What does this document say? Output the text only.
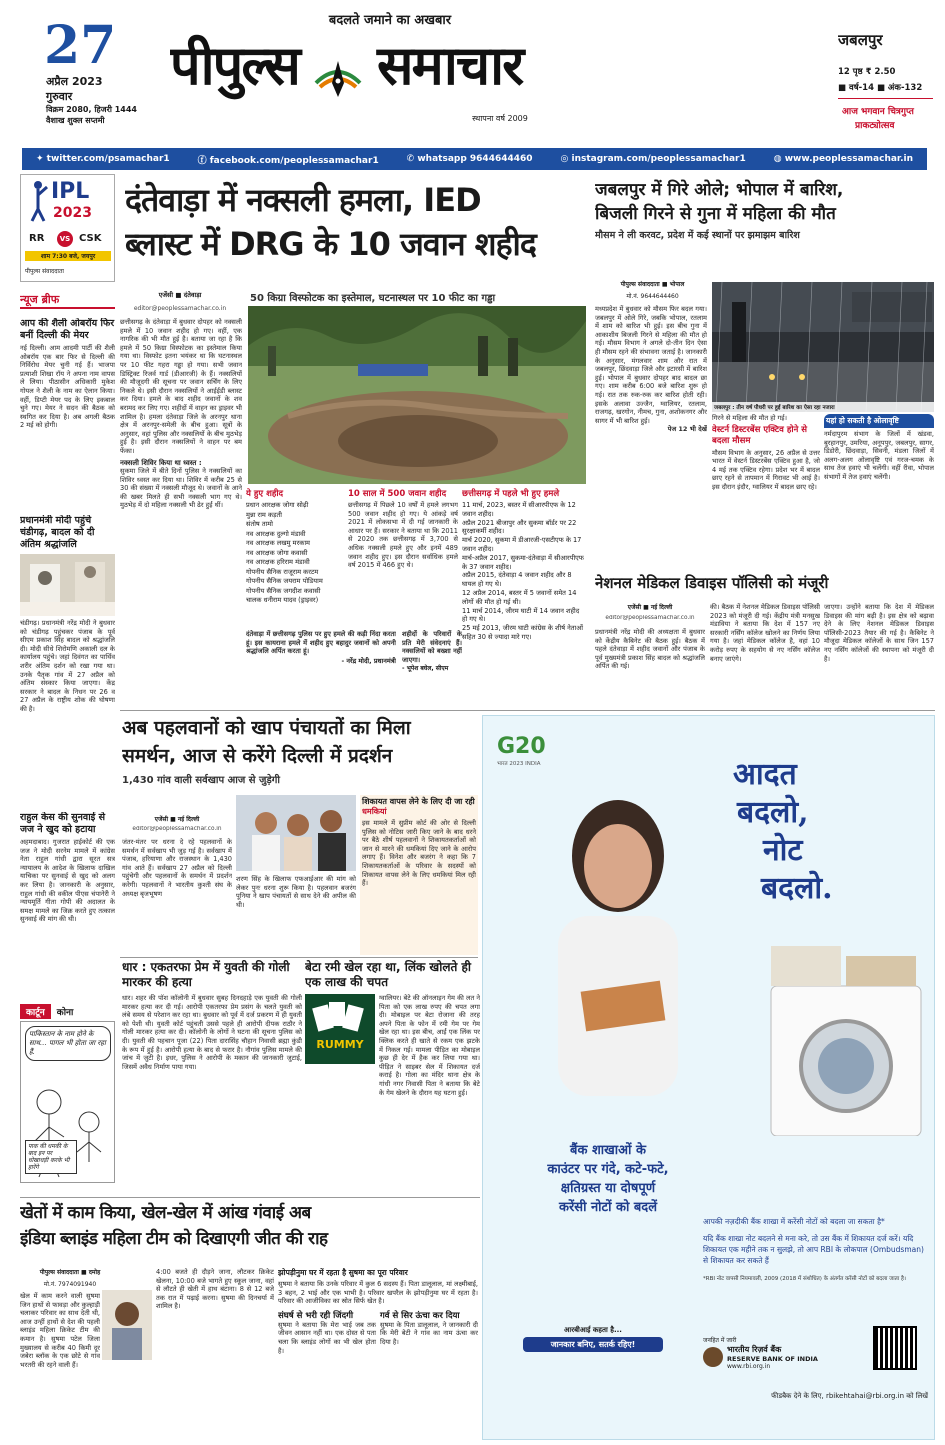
27
अप्रैल 2023
गुरुवार
विक्रम 2080, हिजरी 1444
वैशाख शुक्ल सप्तमी
बदलते जमाने का अखबार
पीपुल्स समाचार
स्थापना वर्ष 2009
जबलपुर
12 पृष्ठ ₹ 2.50
■ वर्ष-14 ■ अंक-132
आज भगवान चित्रगुप्त
प्राकट्योत्सव
✦ twitter.com/psamachar1	ⓕ facebook.com/peoplessamachar1	✆ whatsapp 9644644460	◎ instagram.com/peoplessamachar1	◍ www.peoplessamachar.in
IPL
2023
RR	VS CSK
शाम 7:30 बजे, जयपुर
पीपुल्स संवाददाता
दंतेवाड़ा में नक्सली हमला, IED
ब्लास्ट में DRG के 10 जवान शहीद
एजेंसी ■ दंतेवाड़ा
editor@peoplessamachar.co.in
50 किग्रा विस्फोटक का इस्तेमाल, घटनास्थल पर 10 फीट का गड्ढा
छत्तीसगढ़ के दंतेवाड़ा में बुधवार दोपहर को नक्सली हमले में 10 जवान शहीद हो गए। वहीं, एक नागरिक की भी मौत हुई है। बताया जा रहा है कि हमले में 50 किग्रा विस्फोटक का इस्तेमाल किया गया था। विस्फोट इतना भयंकर था कि घटनास्थल पर 10 फीट गहरा गड्ढा हो गया। सभी जवान डिस्ट्रिक्ट रिजर्व गार्ड (डीआरजी) के हैं। नक्सलियों की मौजूदगी की सूचना पर जवान सर्चिंग के लिए निकले थे। इसी दौरान नक्सलियों ने आईईडी ब्लास्ट कर दिया। हमले के बाद शहीद जवानों के शव बरामद कर लिए गए। शहीदों में वाहन का ड्राइवर भी शामिल है। हमला दंतेवाड़ा जिले के अरनपुर थाना क्षेत्र में अरनपुर-समेली के बीच हुआ। सूत्रों के अनुसार, वहां पुलिस और नक्सलियों के बीच मुठभेड़ हुई है। इसी दौरान नक्सलियों ने वाहन पर बम फेंका।
नक्सली शिविर किया था ध्वस्त :
सुकमा जिले में बीते दिनों पुलिस ने नक्सलियों का शिविर ध्वस्त कर दिया था। शिविर में करीब 25 से 30 की संख्या में नक्सली मौजूद थे। जवानों के आने की खबर मिलते ही सभी नक्सली भाग गए थे। मुठभेड़ में दो महिला नक्सली भी ढेर हुईं थीं।
ये हुए शहीद
प्रधान आरक्षक जोगा सोढ़ी
मुन्ना राम कड़ती
संतोष तामो
नव आरक्षक दुल्गो मंडावी
नव आरक्षक लखमु मरकाम
नव आरक्षक जोगा कवासी
नव आरक्षक हरिराम मंडावी
गोपनीय सैनिक राजूराम करटम
गोपनीय सैनिक जयराम पोडियाम
गोपनीय सैनिक जगदीश कवासी
चालक धनीराम यादव (ड्राइवर)
10 साल में 500 जवान शहीद
छत्तीसगढ़ में पिछले 10 वर्षों में हमले लगभग 500 जवान शहीद हो गए। ये आंकड़े वर्ष 2021 में लोकसभा में दी गई जानकारी के आधार पर हैं। सरकार ने बताया था कि 2011 से 2020 तक छत्तीसगढ़ में 3,700 से अधिक नक्सली हमले हुए और इनमें 489 जवान शहीद हुए। इस दौरान सर्वाधिक हमले वर्ष 2015 में 466 हुए थे।
छत्तीसगढ़ में पहले भी हुए हमले
11 मार्च, 2023, बस्तर में सीआरपीएफ के 12 जवान शहीद।
अप्रैल 2021 बीजापुर और सुकमा बॉर्डर पर 22 सुरक्षाकर्मी शहीद।
मार्च 2020, सुकमा में डीआरजी-एसटीएफ के 17 जवान शहीद।
मार्च-अप्रैल 2017, सुकमा-दंतेवाड़ा में सीआरपीएफ के 37 जवान शहीद।
अप्रैल 2015, दंतेवाड़ा 4 जवान शहीद और 8 घायल हो गए थे।
12 अप्रैल 2014, बस्तर में 5 जवानों समेत 14 लोगों की मौत हो गई थी।
11 मार्च 2014, जीरम घाटी में 14 जवान शहीद हो गए थे।
25 मई 2013, जीरम घाटी कांग्रेस के शीर्ष नेताओं सहित 30 से ज्यादा मारे गए।
दंतेवाड़ा में छत्तीसगढ़ पुलिस पर हुए हमले की कड़ी निंदा करता हूं। इस कायराना हमले में शहीद हुए बहादुर जवानों को अपनी श्रद्धांजलि अर्पित करता हूं।
- नरेंद्र मोदी, प्रधानमंत्री
शहीदों के परिवारों के प्रति मेरी संवेदनाएं हैं। नक्सलियों को बख्शा नहीं जाएगा।
- भूपेश बघेल, सीएम
न्यूज ब्रीफ
आप की शैली ओबरॉय फिर बनीं दिल्ली की मेयर
नई दिल्ली। आम आदमी पार्टी की शैली ओबरॉय एक बार फिर से दिल्ली की निर्विरोध मेयर चुनी गई हैं। भाजपा प्रत्याशी शिखा रॉय ने अपना नाम वापस ले लिया। पीठासीन अधिकारी मुकेश गोयल ने शैली के नाम का ऐलान किया। वहीं, डिप्टी मेयर पद के लिए इकबाल चुने गए। मेयर ने सदन की बैठक को स्थगित कर दिया है। अब अगली बैठक 2 मई को होगी।
प्रधानमंत्री मोदी पहुंचे चंडीगढ़, बादल को दी अंतिम श्रद्धांजलि
चंडीगढ़। प्रधानमंत्री नरेंद्र मोदी ने बुधवार को चंडीगढ़ पहुंचकर पंजाब के पूर्व सीएम प्रकाश सिंह बादल को श्रद्धांजलि दी। मोदी सीधे शिरोमणि अकाली दल के कार्यालय पहुंचे। जहां दिवंगत का पार्थिव शरीर अंतिम दर्शन को रखा गया था। उनके पैतृक गांव में 27 अप्रैल को अंतिम संस्कार किया जाएगा। केंद्र सरकार ने बादल के निधन पर 26 व 27 अप्रैल के राष्ट्रीय शोक की घोषणा की है।
राहुल केस की सुनवाई से जज ने खुद को हटाया
अहमदाबाद। गुजरात हाईकोर्ट की एक जज ने मोदी सरनेम मामले में कांग्रेस नेता राहुल गांधी द्वारा सूरत सत्र न्यायालय के आदेश के खिलाफ दाखिल याचिका पर सुनवाई से खुद को अलग कर लिया है। जानकारी के अनुसार, राहुल गांधी की वकील पीएस चंपानेरी ने न्यायमूर्ति गीता गोपी की अदालत के समक्ष मामले का जिक्र करते हुए तत्काल सुनवाई की मांग की थी।
कार्टून	कोना
पाकिस्तान के नाम होने के साथ... पागल भी होता जा रहा हैं.
पाक की धमकी के बाद इन पर धोखाधड़ी करके भी हारेंगे
जबलपुर में गिरे ओले; भोपाल में बारिश,
बिजली गिरने से गुना में महिला की मौत
मौसम ने ली करवट, प्रदेश में कई स्थानों पर झमाझम बारिश
पीपुल्स संवाददाता ■ भोपाल
मो.नं. 9644644460
मध्यप्रदेश में बुधवार को मौसम फिर बदल गया। जबलपुर में ओले गिरे, जबकि भोपाल, रतलाम में शाम को बारिश भी हुई। इस बीच गुना में आकाशीय बिजली गिरने से महिला की मौत हो गई। मौसम विभाग ने अगले दो-तीन दिन ऐसा ही मौसम रहने की संभावना जताई है। जानकारी के अनुसार, मंगलवार शाम और रात में जबलपुर, छिंदवाड़ा जिले और इटारसी में बारिश हुई। भोपाल में बुधवार दोपहर बाद बादल छा गए। शाम करीब 6:00 बजे बारिश शुरू हो गई। रात तक रुक-रुक कर बारिश होती रही। इसके अलावा उज्जैन, ग्वालियर, रतलाम, राजगढ़, खरगोन, नीमच, गुना, अशोकनगर और सागर में भी बारिश हुई।
पेज 12 भी देखें
जबलपुर : तीन वर्ष पौधरी पर हुई बारिश का ऐसा रहा नजारा
गिरने से महिला की मौत हो गई।
वेस्टर्न डिस्टरबेंस एक्टिव होने से बदला मौसम
मौसम विभाग के अनुसार, 26 अप्रैल से उत्तर भारत में वेस्टर्न डिस्टरबेंस एक्टिव हुआ है, जो 4 मई तक एक्टिव रहेगा। प्रदेश भर में बादल छाए रहने से तापमान में गिरावट भी आई है। इस दौरान इंदौर, ग्वालियर में बादल छाए रहे।
यहां हो सकती है ओलावृष्टि
नर्मदापुरम संभाग के जिलों में खंडवा, बुरहानपुर, उमरिया, अनूपपुर, जबलपुर, सागर, डिंडोरी, छिंदवाड़ा, सिवनी, मंडला जिलों में अलग-अलग ओलावृष्टि एवं गरज-चमक के साथ तेज हवाएं भी चलेंगी। वहीं रीवा, भोपाल संभागों में तेज हवाएं चलेंगी।
नेशनल मेडिकल डिवाइस पॉलिसी को मंजूरी
एजेंसी ■ नई दिल्ली
editor@peoplessamachar.co.in
प्रधानमंत्री नरेंद्र मोदी की अध्यक्षता में बुधवार को केंद्रीय कैबिनेट की बैठक हुई। बैठक में पहले दंतेवाड़ा में शहीद जवानों और पंजाब के पूर्व मुख्यमंत्री प्रकाश सिंह बादल को श्रद्धांजलि अर्पित की गई।
की। बैठक में नेशनल मेडिकल डिवाइस पॉलिसी 2023 को मंजूरी दी गई। केंद्रीय मंत्री मनसुख मंडाविया ने बताया कि देश में 157 नए सरकारी नर्सिंग कॉलेज खोलने का निर्णय लिया गया है। जहां मेडिकल कॉलेज है, वहां 10 करोड़ रुपए के सहयोग से नए नर्सिंग कॉलेज बनाए जाएंगे।
जाएगा। उन्होंने बताया कि देश में मेडिकल डिवाइस की मांग बढ़ी है। इस क्षेत्र को बढ़ावा देने के लिए नेशनल मेडिकल डिवाइस पॉलिसी-2023 तैयार की गई है। कैबिनेट ने मौजूदा मेडिकल कॉलेजों के साथ जिन 157 नए नर्सिंग कॉलेजों की स्थापना को मंजूरी दी है।
अब पहलवानों को खाप पंचायतों का मिला
समर्थन, आज से करेंगे दिल्ली में प्रदर्शन
1,430 गांव वाली सर्वखाप आज से जुड़ेगी
एजेंसी ■ नई दिल्ली
editor@peoplessamachar.co.in
जंतर-मंतर पर धरना दे रहे पहलवानों के समर्थन में सर्वखाप भी जुड़ गई है। सर्वखाप में पंजाब, हरियाणा और राजस्थान के 1,430 गांव आते हैं। सर्वखाप 27 अप्रैल को दिल्ली पहुंचेगी और पहलवानों के समर्थन में प्रदर्शन करेगी। पहलवानों ने भारतीय कुश्ती संघ के अध्यक्ष बृजभूषण
शरण सिंह के खिलाफ एफआईआर की मांग को लेकर पुनः धरना शुरू किया है। पहलवान बजरंग पूनिया ने खाप पंचायतों से साथ देने की अपील की थी।
शिकायत वापस लेने के लिए दी जा रही धमकियां
इस मामले में सुप्रीम कोर्ट की ओर से दिल्ली पुलिस को नोटिस जारी किए जाने के बाद धरने पर बैठे शीर्ष पहलवानों ने शिकायतकर्ताओं को जान से मारने की धमकियां दिए जाने के आरोप लगाए हैं। विनेश और बजरंग ने कहा कि 7 शिकायतकर्ताओं के परिवार के सदस्यों को शिकायत वापस लेने के लिए धमकियां मिल रही हैं।
धार : एकतरफा प्रेम में युवती की गोली मारकर की हत्या
धार। शहर की पॉश कॉलोनी में बुधवार सुबह दिनदहाड़े एक युवती की गोली मारकर हत्या कर दी गई। आरोपी एकतरफा प्रेम प्रसंग के चलते युवती को लंबे समय से परेशान कर रहा था। बुधवार को पूर्व में दर्ज प्रकरण में ही युवती को पेशी थी। युवती कोर्ट पहुंचती उससे पहले ही आरोपी दीपक राठौर ने गोली मारकर हत्या कर दी। कॉलोनी के लोगों ने घटना की सूचना पुलिस को दी। युवती की पहचान पूजा (22) पिता दारासिंह चौहान निवासी ब्रह्मा कुंडी के रूप में हुई है। आरोपी हत्या के बाद से फरार है। नौगांव पुलिस मामले की जांच में जुटी है। इधर, पुलिस ने आरोपी के मकान की जानकारी जुटाई, जिसमें अवैध निर्माण पाया गया।
बेटा रमी खेल रहा था, लिंक खोलते ही एक लाख की चपत
RUMMY
ग्वालियर। बेटे की ऑनलाइन गेम की लत ने पिता को एक लाख रुपए की चपत लगा दी। मोबाइल पर बेटा रोजाना की तरह अपने पिता के फोन में रमी गेम पर गेम खेल रहा था। इस बीच, आईं एक लिंक पर क्लिक करते ही खाते से रकम एक झटके में निकल गई। मामला पीड़ित का मोबाइल कुछ ही देर में हैक कर लिया गया था। पीड़ित ने साइबर सेल में शिकायत दर्ज कराई है। गोला का मंदिर थाना क्षेत्र के गांधी नगर निवासी पिता ने बताया कि बेटे के गेम खेलने के दौरान यह घटना हुई।
खेतों में काम किया, खेल-खेल में आंख गंवाई अब
इंडिया ब्लाइंड महिला टीम को दिखाएगी जीत की राह
पीपुल्स संवाददाता ■ दमोह
मो.नं. 7974091940
खेल में काम करने वाली सुषमा जिन हाथों से फावड़ा और कुल्हाड़ी चलाकर परिवार का साथ देती थी, आज उन्हीं हाथों से देश की पहली ब्लाइंड महिला क्रिकेट टीम की कमान है। सुषमा पटेल जिला मुख्यालय से करीब 40 किमी दूर जबेरा ब्लॉक के एक छोटे से गांव भरतरी की रहने वाली हैं।
4:00 बजते ही दौड़ने जाना, लौटकर क्रिकेट खेलना, 10:00 बजे भागते हुए स्कूल जाना, वहां से लौटते ही खेती में हाथ बंटाना। 8 से 12 बजे तक रात में पढ़ाई करना। सुषमा की दिनचर्या में शामिल है।
झोपड़ीनुमा घर में रहता है सुषमा का पूरा परिवार
सुषमा ने बताया कि उनके परिवार में कुल 6 सदस्य हैं। पिता डालूलाल, मां लक्ष्मीबाई, 3 बहन, 2 भाई और एक भाभी है। परिवार खपरैल के झोपड़ीनुमा घर में रहता है। परिवार की आजीविका का स्रोत सिर्फ खेत है।
संघर्ष से भरी रही जिंदगी
सुषमा ने बताया कि मेरा भाई जब तक जीवन आसान नहीं था। एक दोस्त से पता चला कि ब्लाइंड लोगों का भी खेल होता है।
गर्व से सिर ऊंचा कर दिया
सुषमा के पिता डालूलाल, ने जानकारी दी कि मेरी बेटी ने गांव का नाम ऊंचा कर दिया है।
G20
भारत 2023 INDIA	आदत
बदलो,
नोट
बदलो.
बैंक शाखाओं के
काउंटर पर गंदे, कटे-फटे,
क्षतिग्रस्त या दोषपूर्ण
करेंसी नोटों को बदलें
आपकी नज़दीकी बैंक शाखा में करेंसी नोटों को बदला जा सकता है*
यदि बैंक शाखा नोट बदलने से मना करे, तो उस बैंक में शिकायत दर्ज करें। यदि शिकायत एक महीने तक न सुलझे, तो आप RBI के लोकपाल (Ombudsman) से शिकायत कर सकते हैं
*RBI नोट वापसी नियमावली, 2009 (2018 में संशोधित) के अंतर्गत करेंसी नोटों को बदला जाता है।
आरबीआई कहता है...
जानकार बनिए, सतर्क रहिए!	जनहित में जारी
भारतीय रिज़र्व बैंक
RESERVE BANK OF INDIA
www.rbi.org.in
फीडबैक देने के लिए, rbikehtahai@rbi.org.in को लिखें
